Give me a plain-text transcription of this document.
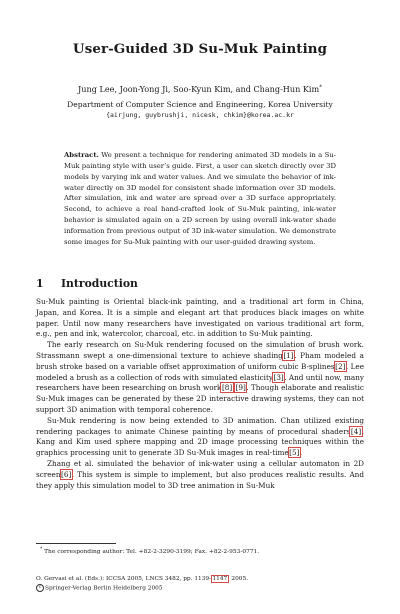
User-Guided 3D Su-Muk Painting
Jung Lee, Joon-Yong Ji, Soo-Kyun Kim, and Chang-Hun Kim*
Department of Computer Science and Engineering, Korea University
{airjung, guybrushji, nicesk, chkim}@korea.ac.kr
Abstract. We present a technique for rendering animated 3D models in a Su-Muk painting style with user’s guide. First, a user can sketch directly over 3D models by varying ink and water values. And we simulate the behavior of ink-water directly on 3D model for consistent shade information over 3D models. After simulation, ink and water are spread over a 3D surface appropriately. Second, to achieve a real hand-crafted look of Su-Muk painting, ink-water behavior is simulated again on a 2D screen by using overall ink-water shade information from previous output of 3D ink-water simulation. We demonstrate some images for Su-Muk painting with our user-guided drawing system.
1 Introduction

Su-Muk painting is Oriental black-ink painting, and a traditional art form in China, Japan, and Korea. It is a simple and elegant art that produces black images on white paper. Until now many researchers have investigated on various traditional art form, e.g., pen and ink, watercolor, charcoal, etc. in addition to Su-Muk painting.

The early research on Su-Muk rendering focused on the simulation of brush work. Strassmann swept a one-dimensional texture to achieve shading[1]. Pham modeled a brush stroke based on a variable offset approximation of uniform cubic B-splines[2]. Lee modeled a brush as a collection of rods with simulated elasticity[3]. And until now, many researchers have been researching on brush work[8],[9]. Though elaborate and realistic Su-Muk images can be generated by these 2D interactive drawing systems, they can not support 3D animation with temporal coherence.

Su-Muk rendering is now being extended to 3D animation. Chan utilized existing rendering packages to animate Chinese painting by means of procedural shaders[4]. Kang and Kim used sphere mapping and 2D image processing techniques within the graphics processing unit to generate 3D Su-Muk images in real-time[5].

Zhang et al. simulated the behavior of ink-water using a cellular automaton in 2D screen[6]. This system is simple to implement, but also produces realistic results. And they apply this simulation model to 3D tree animation in Su-Muk

* The corresponding author: Tel. +82-2-3290-3199; Fax. +82-2-953-0771.
O. Gervasi et al. (Eds.): ICCSA 2005, LNCS 3482, pp. 1139–1147, 2005.
c Springer-Verlag Berlin Heidelberg 2005
